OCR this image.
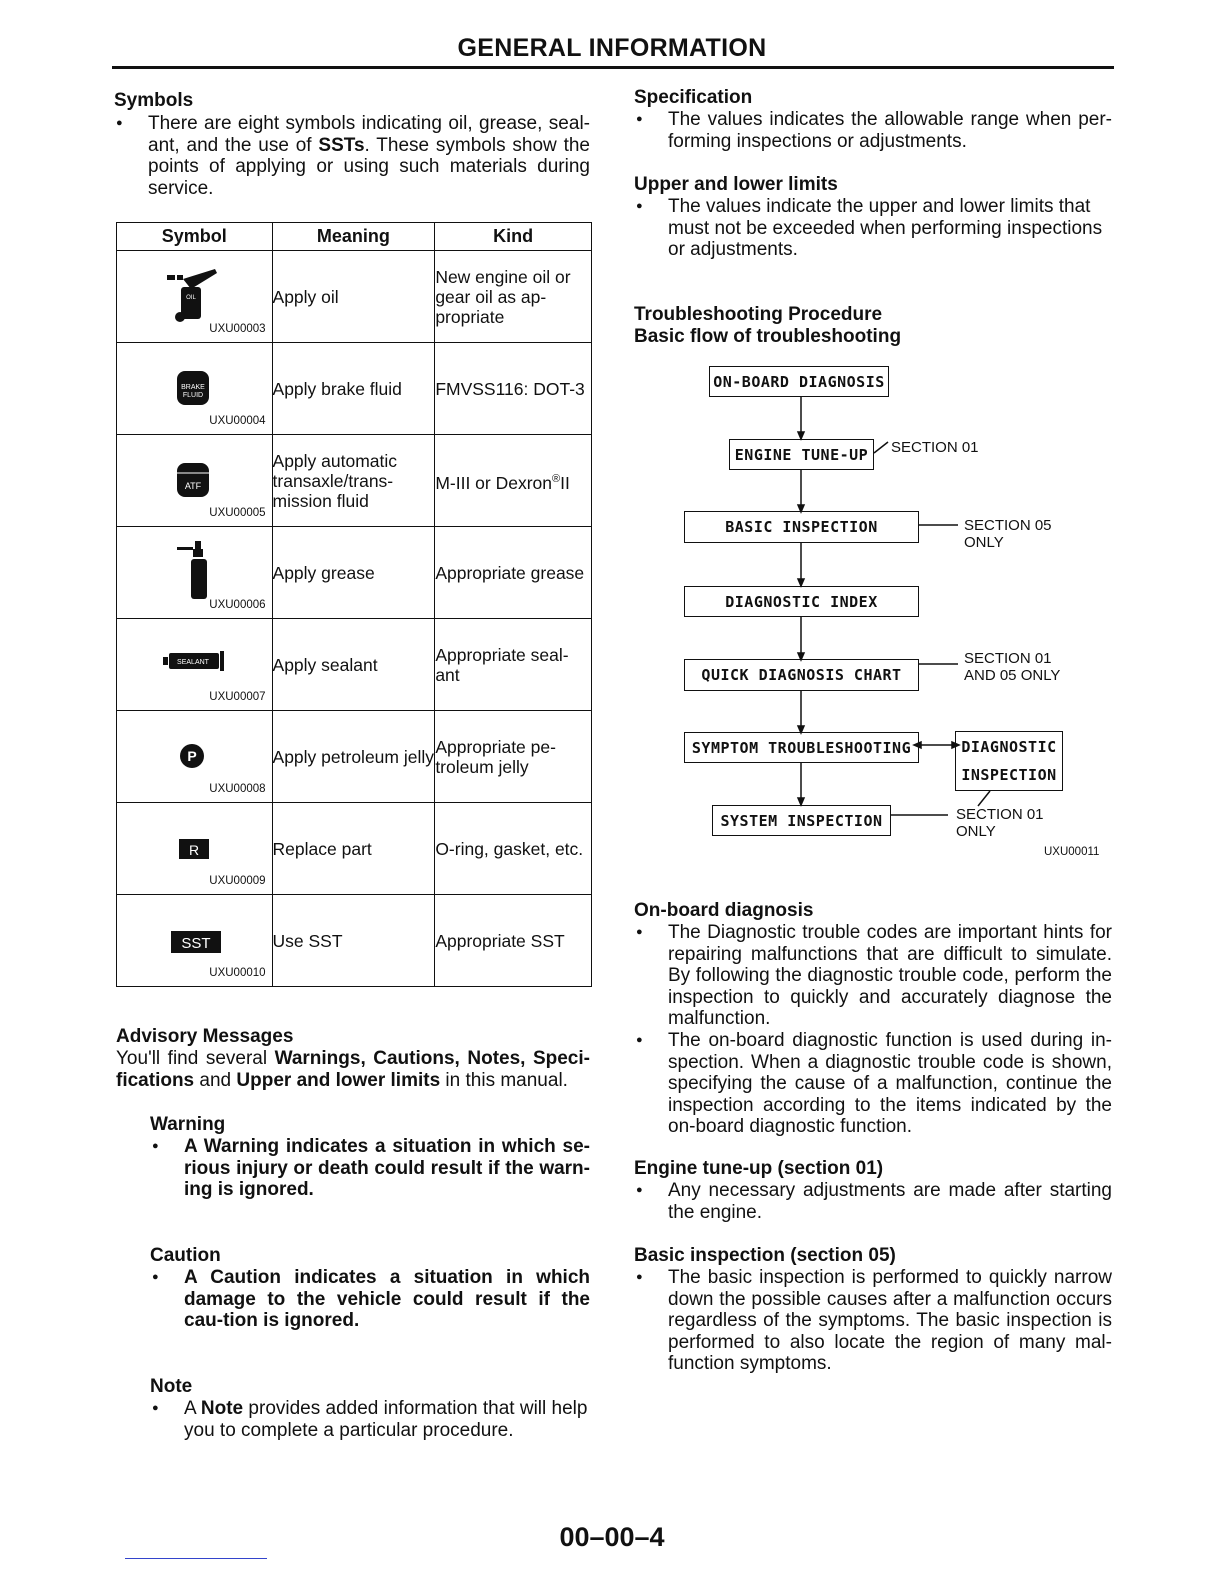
GENERAL INFORMATION
Symbols
● There are eight symbols indicating oil, grease, seal-ant, and the use of SSTs. These symbols show the points of applying or using such materials during service.
Symbol	Meaning	Kind

OIL
UXU00003	Apply oil	New engine oil or gear oil as ap-propriate

BRAKE
FLUID
UXU00004	Apply brake fluid	FMVSS116: DOT-3

ATF
UXU00005	Apply automatic transaxle/trans-mission fluid	M-III or Dexron®II

GREASE
UXU00006	Apply grease	Appropriate grease

SEALANT
UXU00007	Apply sealant	Appropriate seal-ant

P
UXU00008	Apply petroleum jelly	Appropriate pe-troleum jelly

R
UXU00009	Replace part	O-ring, gasket, etc.

SST
UXU00010	Use SST	Appropriate SST
Advisory Messages

You'll find several Warnings, Cautions, Notes, Speci-fications and Upper and lower limits in this manual.

Warning
● A Warning indicates a situation in which se-rious injury or death could result if the warn-ing is ignored.
Caution
● A Caution indicates a situation in which damage to the vehicle could result if the cau-tion is ignored.
Note
● A Note provides added information that will help you to complete a particular procedure.
Specification
● The values indicates the allowable range when per-forming inspections or adjustments.
Upper and lower limits
● The values indicate the upper and lower limits that must not be exceeded when performing inspections or adjustments.
Troubleshooting Procedure
Basic flow of troubleshooting
ON-BOARD DIAGNOSIS
ENGINE TUNE-UP	SECTION 01
BASIC INSPECTION	SECTION 05
ONLY
DIAGNOSTIC INDEX
QUICK DIAGNOSIS CHART
SECTION 01
AND 05 ONLY
SYMPTOM TROUBLESHOOTING	DIAGNOSTIC
INSPECTION
SYSTEM INSPECTION	SECTION 01
ONLY
UXU00011
On-board diagnosis
● The Diagnostic trouble codes are important hints for repairing malfunctions that are difficult to simulate. By following the diagnostic trouble code, perform the inspection to quickly and accurately diagnose the malfunction.
● The on-board diagnostic function is used during in-spection. When a diagnostic trouble code is shown, specifying the cause of a malfunction, continue the inspection according to the items indicated by the on-board diagnostic function.
Engine tune-up (section 01)
● Any necessary adjustments are made after starting the engine.
Basic inspection (section 05)
● The basic inspection is performed to quickly narrow down the possible causes after a malfunction occurs regardless of the symptoms. The basic inspection is performed to also locate the region of many mal-function symptoms.
00–00–4
